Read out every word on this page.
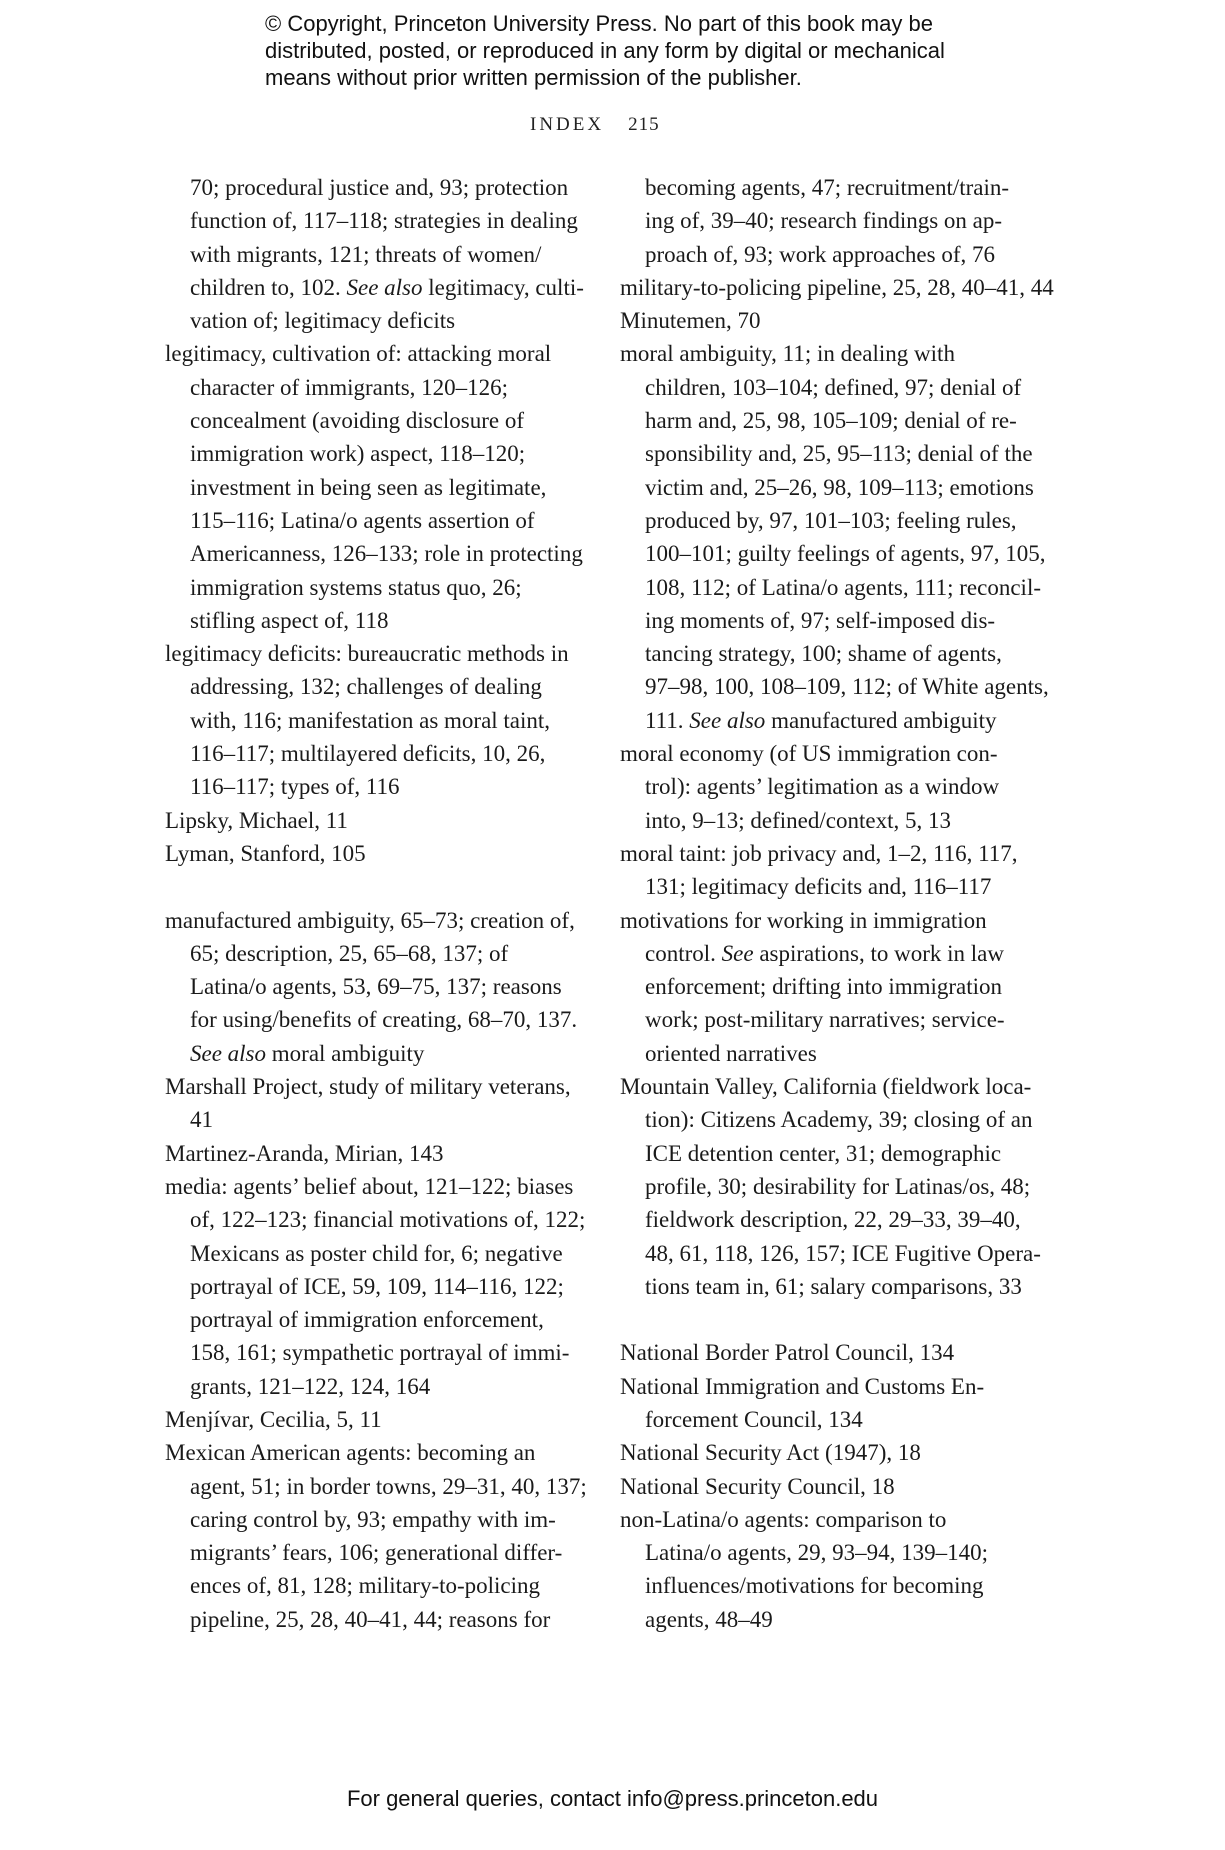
© Copyright, Princeton University Press. No part of this book may be
distributed, posted, or reproduced in any form by digital or mechanical
means without prior written permission of the publisher.
INDEX 215
70; procedural justice and, 93; protection
function of, 117–118; strategies in dealing
with migrants, 121; threats of women/
children to, 102. See also legitimacy, culti-
vation of; legitimacy deficits
legitimacy, cultivation of: attacking moral
character of immigrants, 120–126;
concealment (avoiding disclosure of
immigration work) aspect, 118–120;
investment in being seen as legitimate,
115–116; Latina/o agents assertion of
Americanness, 126–133; role in protecting
immigration systems status quo, 26;
stifling aspect of, 118
legitimacy deficits: bureaucratic methods in
addressing, 132; challenges of dealing
with, 116; manifestation as moral taint,
116–117; multilayered deficits, 10, 26,
116–117; types of, 116
Lipsky, Michael, 11
Lyman, Stanford, 105
manufactured ambiguity, 65–73; creation of,
65; description, 25, 65–68, 137; of
Latina/o agents, 53, 69–75, 137; reasons
for using/benefits of creating, 68–70, 137.
See also moral ambiguity
Marshall Project, study of military veterans,
41
Martinez-Aranda, Mirian, 143
media: agents’ belief about, 121–122; biases
of, 122–123; financial motivations of, 122;
Mexicans as poster child for, 6; negative
portrayal of ICE, 59, 109, 114–116, 122;
portrayal of immigration enforcement,
158, 161; sympathetic portrayal of immi-
grants, 121–122, 124, 164
Menjívar, Cecilia, 5, 11
Mexican American agents: becoming an
agent, 51; in border towns, 29–31, 40, 137;
caring control by, 93; empathy with im-
migrants’ fears, 106; generational differ-
ences of, 81, 128; military-to-policing
pipeline, 25, 28, 40–41, 44; reasons for
becoming agents, 47; recruitment/train-
ing of, 39–40; research findings on ap-
proach of, 93; work approaches of, 76
military-to-policing pipeline, 25, 28, 40–41, 44
Minutemen, 70
moral ambiguity, 11; in dealing with
children, 103–104; defined, 97; denial of
harm and, 25, 98, 105–109; denial of re-
sponsibility and, 25, 95–113; denial of the
victim and, 25–26, 98, 109–113; emotions
produced by, 97, 101–103; feeling rules,
100–101; guilty feelings of agents, 97, 105,
108, 112; of Latina/o agents, 111; reconcil-
ing moments of, 97; self-imposed dis-
tancing strategy, 100; shame of agents,
97–98, 100, 108–109, 112; of White agents,
111. See also manufactured ambiguity
moral economy (of US immigration con-
trol): agents’ legitimation as a window
into, 9–13; defined/context, 5, 13
moral taint: job privacy and, 1–2, 116, 117,
131; legitimacy deficits and, 116–117
motivations for working in immigration
control. See aspirations, to work in law
enforcement; drifting into immigration
work; post-military narratives; service-
oriented narratives
Mountain Valley, California (fieldwork loca-
tion): Citizens Academy, 39; closing of an
ICE detention center, 31; demographic
profile, 30; desirability for Latinas/os, 48;
fieldwork description, 22, 29–33, 39–40,
48, 61, 118, 126, 157; ICE Fugitive Opera-
tions team in, 61; salary comparisons, 33
National Border Patrol Council, 134
National Immigration and Customs En-
forcement Council, 134
National Security Act (1947), 18
National Security Council, 18
non-Latina/o agents: comparison to
Latina/o agents, 29, 93–94, 139–140;
influences/motivations for becoming
agents, 48–49
For general queries, contact info@press.princeton.edu
